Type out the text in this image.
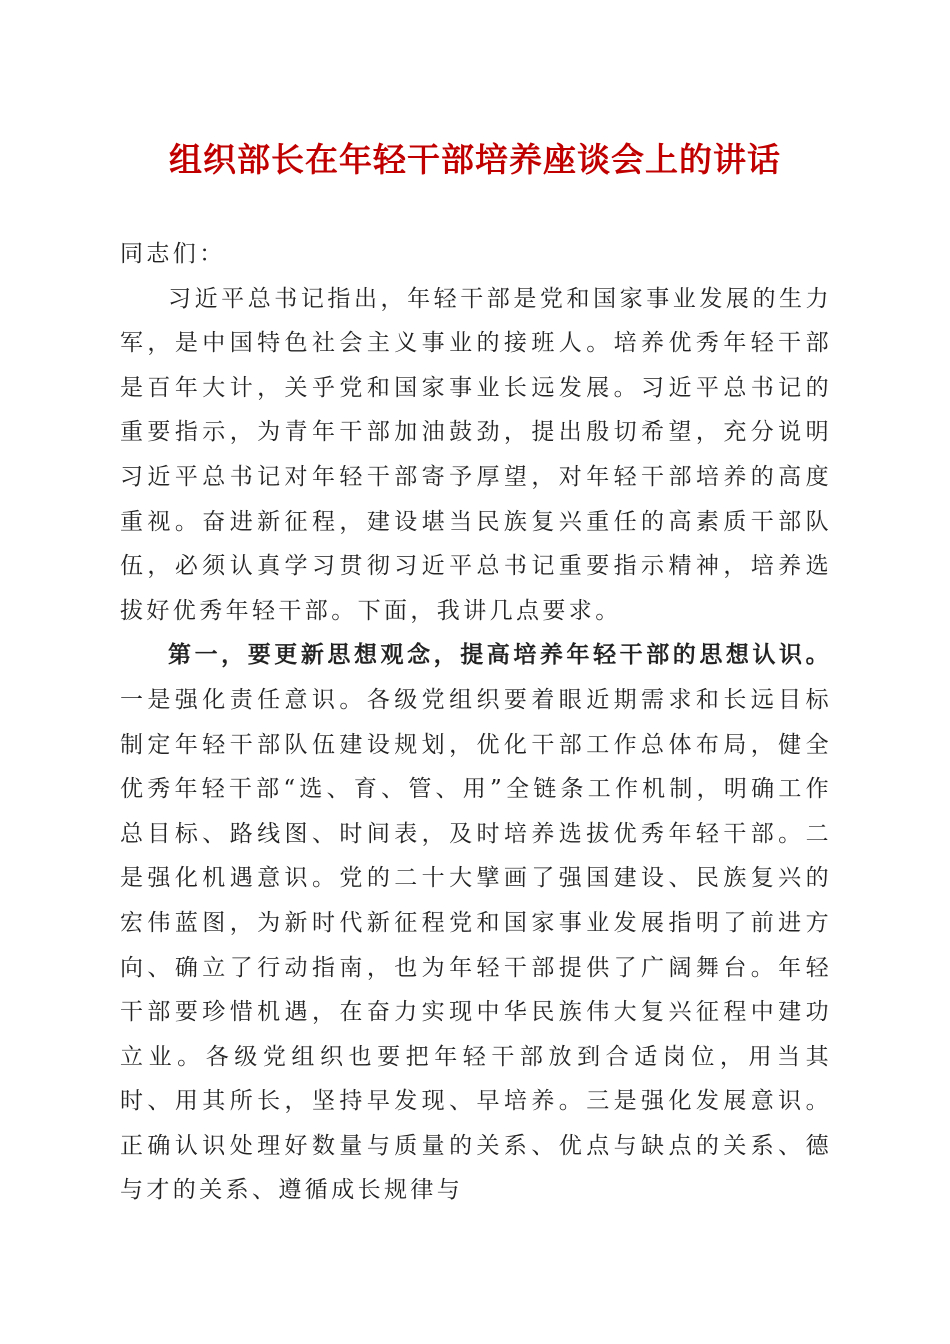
组织部长在年轻干部培养座谈会上的讲话

同志们：

习近平总书记指出，年轻干部是党和国家事业发展的生力军，是中国特色社会主义事业的接班人。培养优秀年轻干部是百年大计，关乎党和国家事业长远发展。习近平总书记的重要指示，为青年干部加油鼓劲，提出殷切希望，充分说明习近平总书记对年轻干部寄予厚望，对年轻干部培养的高度重视。奋进新征程，建设堪当民族复兴重任的高素质干部队伍，必须认真学习贯彻习近平总书记重要指示精神，培养选拔好优秀年轻干部。下面，我讲几点要求。

第一，要更新思想观念，提高培养年轻干部的思想认识。一是强化责任意识。各级党组织要着眼近期需求和长远目标制定年轻干部队伍建设规划，优化干部工作总体布局，健全优秀年轻干部“选、育、管、用”全链条工作机制，明确工作总目标、路线图、时间表，及时培养选拔优秀年轻干部。二是强化机遇意识。党的二十大擘画了强国建设、民族复兴的宏伟蓝图，为新时代新征程党和国家事业发展指明了前进方向、确立了行动指南，也为年轻干部提供了广阔舞台。年轻干部要珍惜机遇，在奋力实现中华民族伟大复兴征程中建功立业。各级党组织也要把年轻干部放到合适岗位，用当其时、用其所长，坚持早发现、早培养。三是强化发展意识。正确认识处理好数量与质量的关系、优点与缺点的关系、德与才的关系、遵循成长规律与
